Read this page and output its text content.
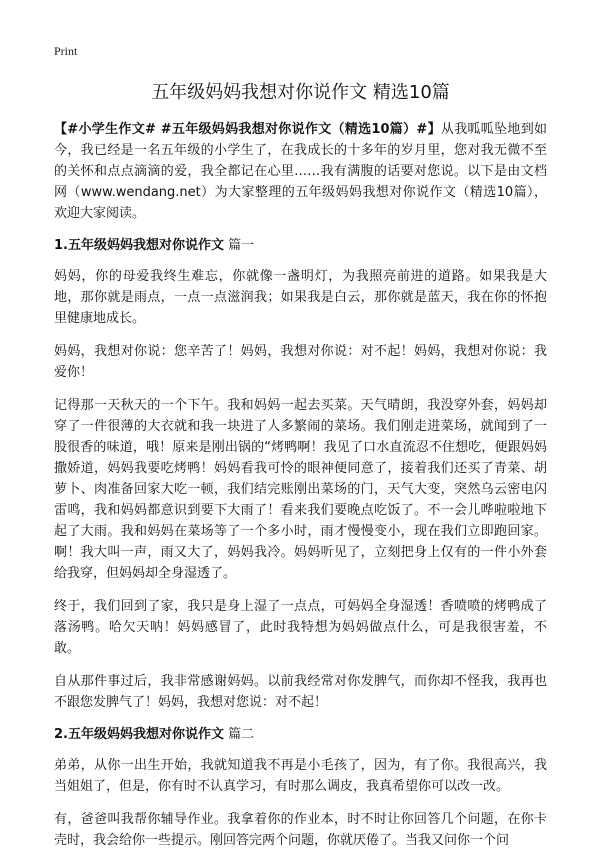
Print
五年级妈妈我想对你说作文 精选10篇

【#小学生作文# #五年级妈妈我想对你说作文（精选10篇）#】从我呱呱坠地到如今，我已经是一名五年级的小学生了，在我成长的十多年的岁月里，您对我无微不至的关怀和点点滴滴的爱，我全都记在心里……我有满腹的话要对您说。以下是由文档网（www.wendang.net）为大家整理的五年级妈妈我想对你说作文（精选10篇），欢迎大家阅读。

1.五年级妈妈我想对你说作文 篇一

妈妈，你的母爱我终生难忘，你就像一盏明灯，为我照亮前进的道路。如果我是大地，那你就是雨点，一点一点滋润我；如果我是白云，那你就是蓝天，我在你的怀抱里健康地成长。

妈妈，我想对你说：您辛苦了！妈妈，我想对你说：对不起！妈妈，我想对你说：我爱你！

记得那一天秋天的一个下午。我和妈妈一起去买菜。天气晴朗，我没穿外套，妈妈却穿了一件很薄的大衣就和我一块进了人多繁闹的菜场。我们刚走进菜场，就闻到了一股很香的味道，哦！原来是刚出锅的“烤鸭啊！我见了口水直流忍不住想吃，便跟妈妈撒娇道，妈妈我要吃烤鸭！妈妈看我可怜的眼神便同意了，接着我们还买了青菜、胡萝卜、肉准备回家大吃一顿，我们结完账刚出菜场的门，天气大变，突然乌云密电闪雷鸣，我和妈妈都意识到要下大雨了！看来我们要晚点吃饭了。不一会儿哗啦啦地下起了大雨。我和妈妈在菜场等了一个多小时，雨才慢慢变小，现在我们立即跑回家。啊！我大叫一声，雨又大了，妈妈我冷。妈妈听见了，立刻把身上仅有的一件小外套给我穿，但妈妈却全身湿透了。

终于，我们回到了家，我只是身上湿了一点点，可妈妈全身湿透！香喷喷的烤鸭成了落汤鸭。哈欠天呐！妈妈感冒了，此时我特想为妈妈做点什么，可是我很害羞，不敢。

自从那件事过后，我非常感谢妈妈。以前我经常对你发脾气，而你却不怪我，我再也不跟您发脾气了！妈妈，我想对您说：对不起！

2.五年级妈妈我想对你说作文 篇二

弟弟，从你一出生开始，我就知道我不再是小毛孩了，因为，有了你。我很高兴，我当姐姐了，但是，你有时不认真学习，有时那么调皮，我真希望你可以改一改。

有，爸爸叫我帮你辅导作业。我拿着你的作业本，时不时让你回答几个问题，在你卡壳时，我会给你一些提示。刚回答完两个问题，你就厌倦了。当我又问你一个问
